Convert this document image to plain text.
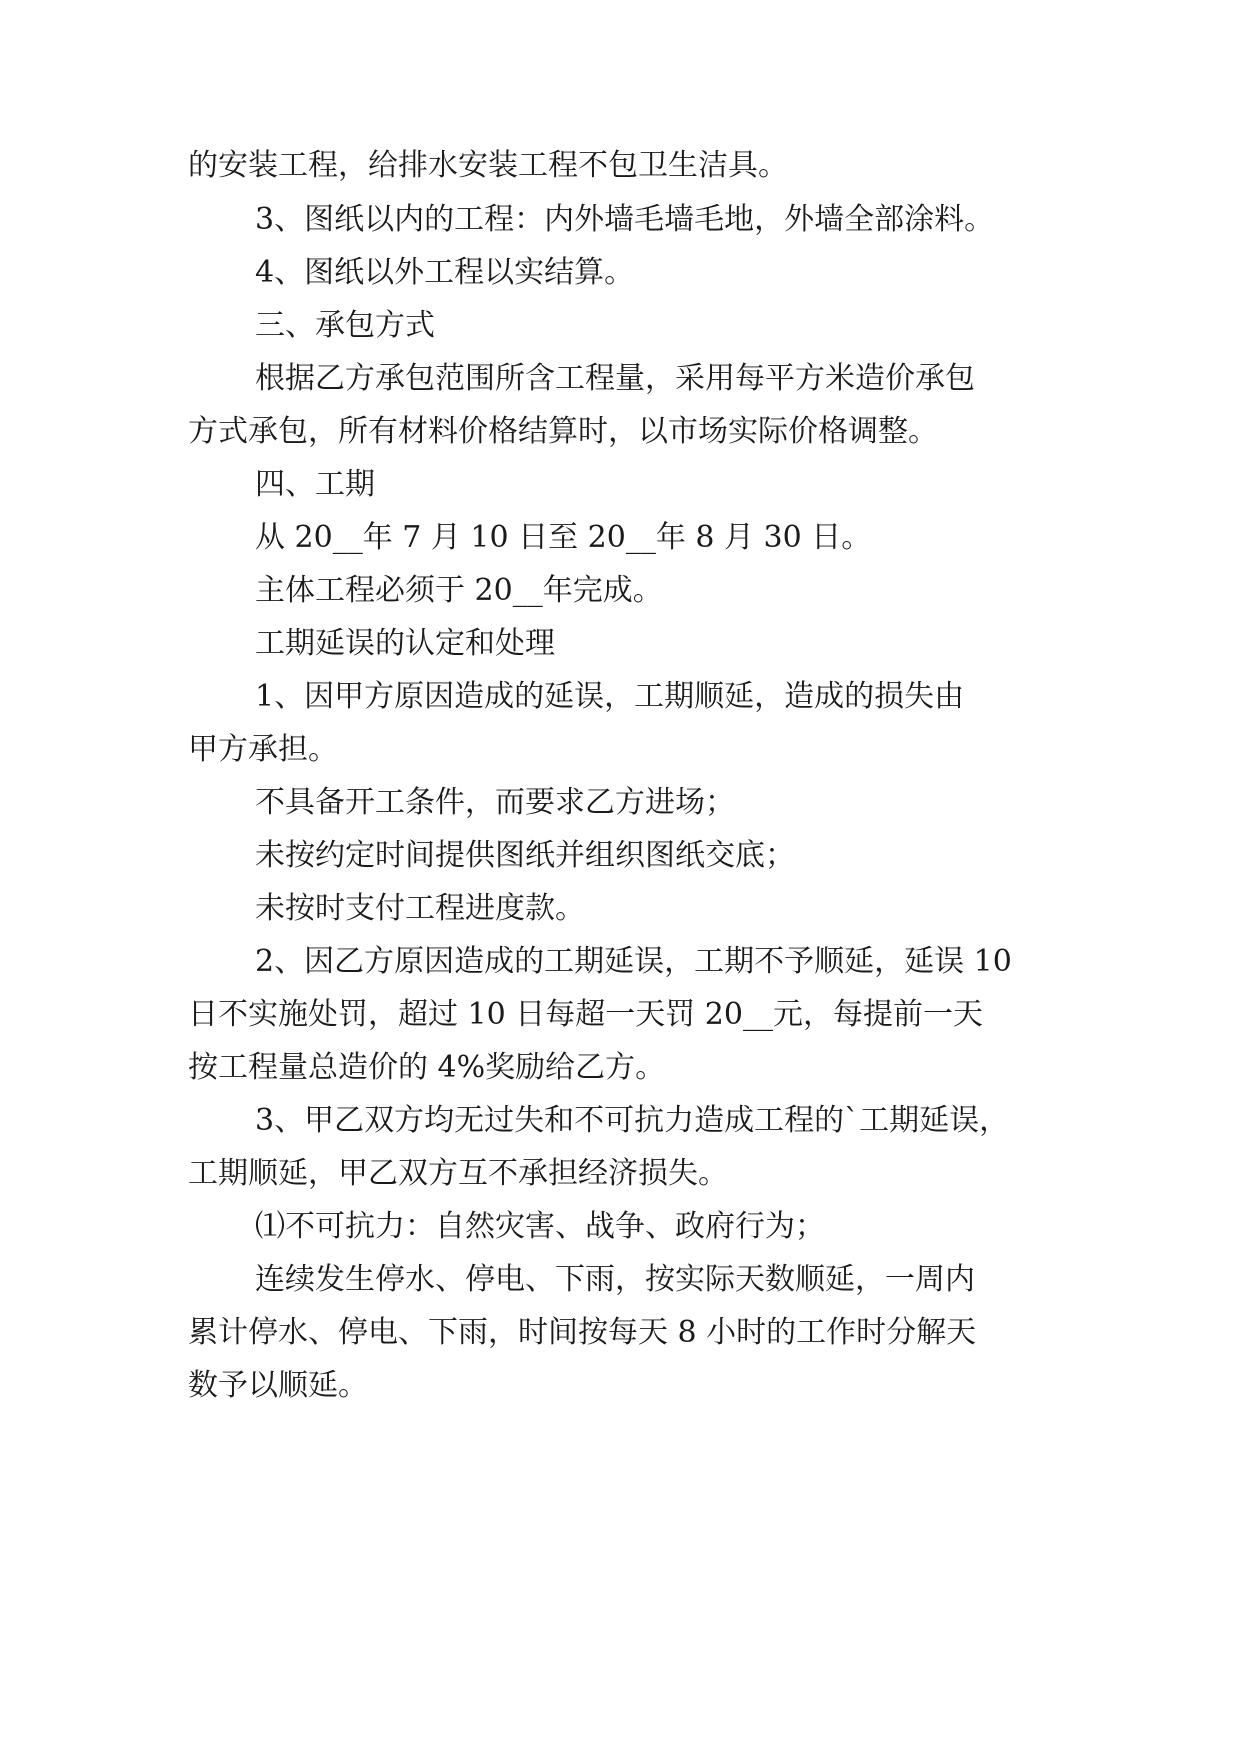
的安装工程，给排水安装工程不包卫生洁具。

3、图纸以内的工程：内外墙毛墙毛地，外墙全部涂料。

4、图纸以外工程以实结算。

三、承包方式

根据乙方承包范围所含工程量，采用每平方米造价承包

方式承包，所有材料价格结算时，以市场实际价格调整。

四、工期

从 20__年 7 月 10 日至 20__年 8 月 30 日。

主体工程必须于 20__年完成。

工期延误的认定和处理

1、因甲方原因造成的延误，工期顺延，造成的损失由

甲方承担。

不具备开工条件，而要求乙方进场；

未按约定时间提供图纸并组织图纸交底；

未按时支付工程进度款。

2、因乙方原因造成的工期延误，工期不予顺延，延误 10

日不实施处罚，超过 10 日每超一天罚 20__元，每提前一天

按工程量总造价的 4%奖励给乙方。

3、甲乙双方均无过失和不可抗力造成工程的`工期延误，

工期顺延，甲乙双方互不承担经济损失。

⑴不可抗力：自然灾害、战争、政府行为；

连续发生停水、停电、下雨，按实际天数顺延，一周内

累计停水、停电、下雨，时间按每天 8 小时的工作时分解天

数予以顺延。
